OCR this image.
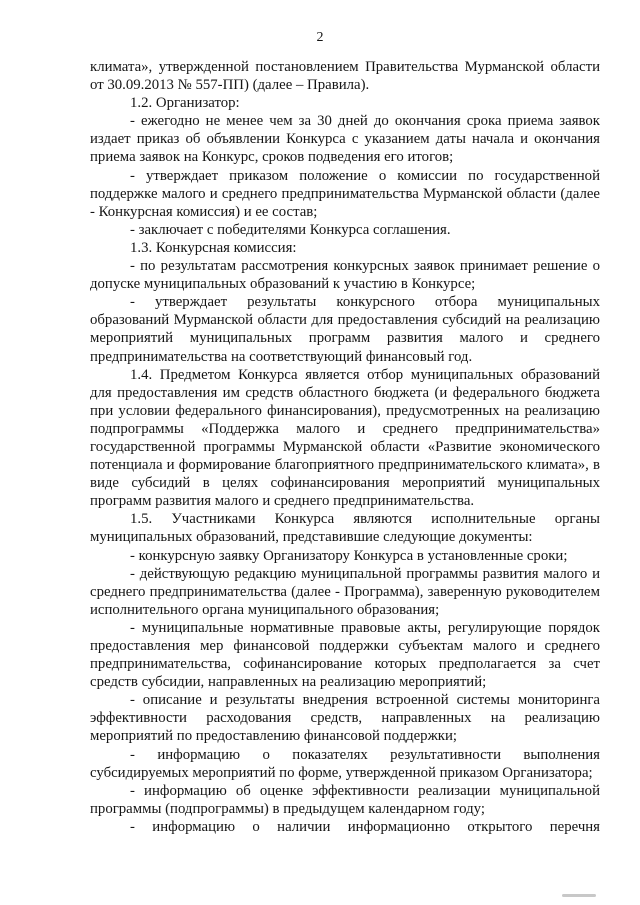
2

климата», утвержденной постановлением Правительства Мурманской области от 30.09.2013 № 557-ПП) (далее – Правила).

1.2. Организатор:

- ежегодно не менее чем за 30 дней до окончания срока приема заявок издает приказ об объявлении Конкурса с указанием даты начала и окончания приема заявок на Конкурс, сроков подведения его итогов;

- утверждает приказом положение о комиссии по государственной поддержке малого и среднего предпринимательства Мурманской области (далее - Конкурсная комиссия) и ее состав;

- заключает с победителями Конкурса соглашения.

1.3. Конкурсная комиссия:

- по результатам рассмотрения конкурсных заявок принимает решение о допуске муниципальных образований к участию в Конкурсе;

- утверждает результаты конкурсного отбора муниципальных образований Мурманской области для предоставления субсидий на реализацию мероприятий муниципальных программ развития малого и среднего предпринимательства на соответствующий финансовый год.

1.4. Предметом Конкурса является отбор муниципальных образований для предоставления им средств областного бюджета (и федерального бюджета при условии федерального финансирования), предусмотренных на реализацию подпрограммы «Поддержка малого и среднего предпринимательства» государственной программы Мурманской области «Развитие экономического потенциала и формирование благоприятного предпринимательского климата», в виде субсидий в целях софинансирования мероприятий муниципальных программ развития малого и среднего предпринимательства.

1.5. Участниками Конкурса являются исполнительные органы муниципальных образований, представившие следующие документы:

- конкурсную заявку Организатору Конкурса в установленные сроки;

- действующую редакцию муниципальной программы развития малого и среднего предпринимательства (далее - Программа), заверенную руководителем исполнительного органа муниципального образования;

- муниципальные нормативные правовые акты, регулирующие порядок предоставления мер финансовой поддержки субъектам малого и среднего предпринимательства, софинансирование которых предполагается за счет средств субсидии, направленных на реализацию мероприятий;

- описание и результаты внедрения встроенной системы мониторинга эффективности расходования средств, направленных на реализацию мероприятий по предоставлению финансовой поддержки;

- информацию о показателях результативности выполнения субсидируемых мероприятий по форме, утвержденной приказом Организатора;

- информацию об оценке эффективности реализации муниципальной программы (подпрограммы) в предыдущем календарном году;

- информацию о наличии информационно открытого перечня
